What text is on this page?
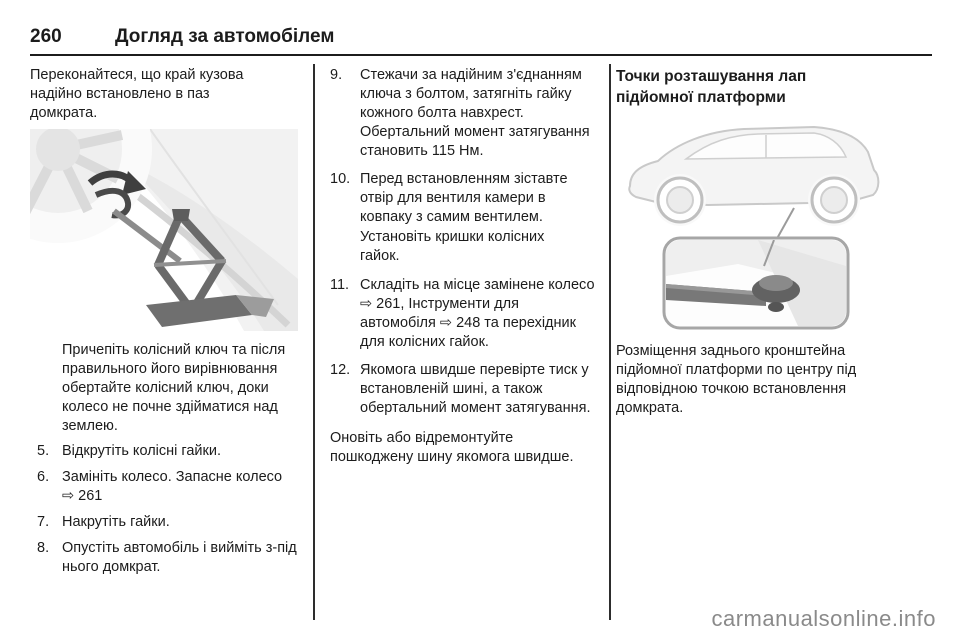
260	Догляд за автомобілем

Переконайтеся, що край кузова надійно встановлено в паз домкрата.

Причепіть колісний ключ та після правильного його вирівнювання обертайте колісний ключ, доки колесо не почне здійматися над землею.

5. Відкрутіть колісні гайки.
6. Замініть колесо. Запасне колесо ⇨ 261
7. Накрутіть гайки.
8. Опустіть автомобіль і вийміть з-під нього домкрат.
9.	Стежачи за надійним з'єднанням ключа з болтом, затягніть гайку кожного болта навхрест. Обертальний момент затягування становить 115 Нм.
10. Перед встановленням зіставте отвір для вентиля камери в ковпаку з самим вентилем.

Установіть кришки колісних гайок.

11. Складіть на місце замінене колесо ⇨ 261, Інструменти для автомобіля ⇨ 248 та перехідник для колісних гайок.
12. Якомога швидше перевірте тиск у встановленій шині, а також обертальний момент затягування.

Оновіть або відремонтуйте пошкоджену шину якомога швидше.

Точки розташування лап підйомної платформи

Розміщення заднього кронштейна підйомної платформи по центру під відповідною точкою встановлення домкрата.

carmanualsonline.info
